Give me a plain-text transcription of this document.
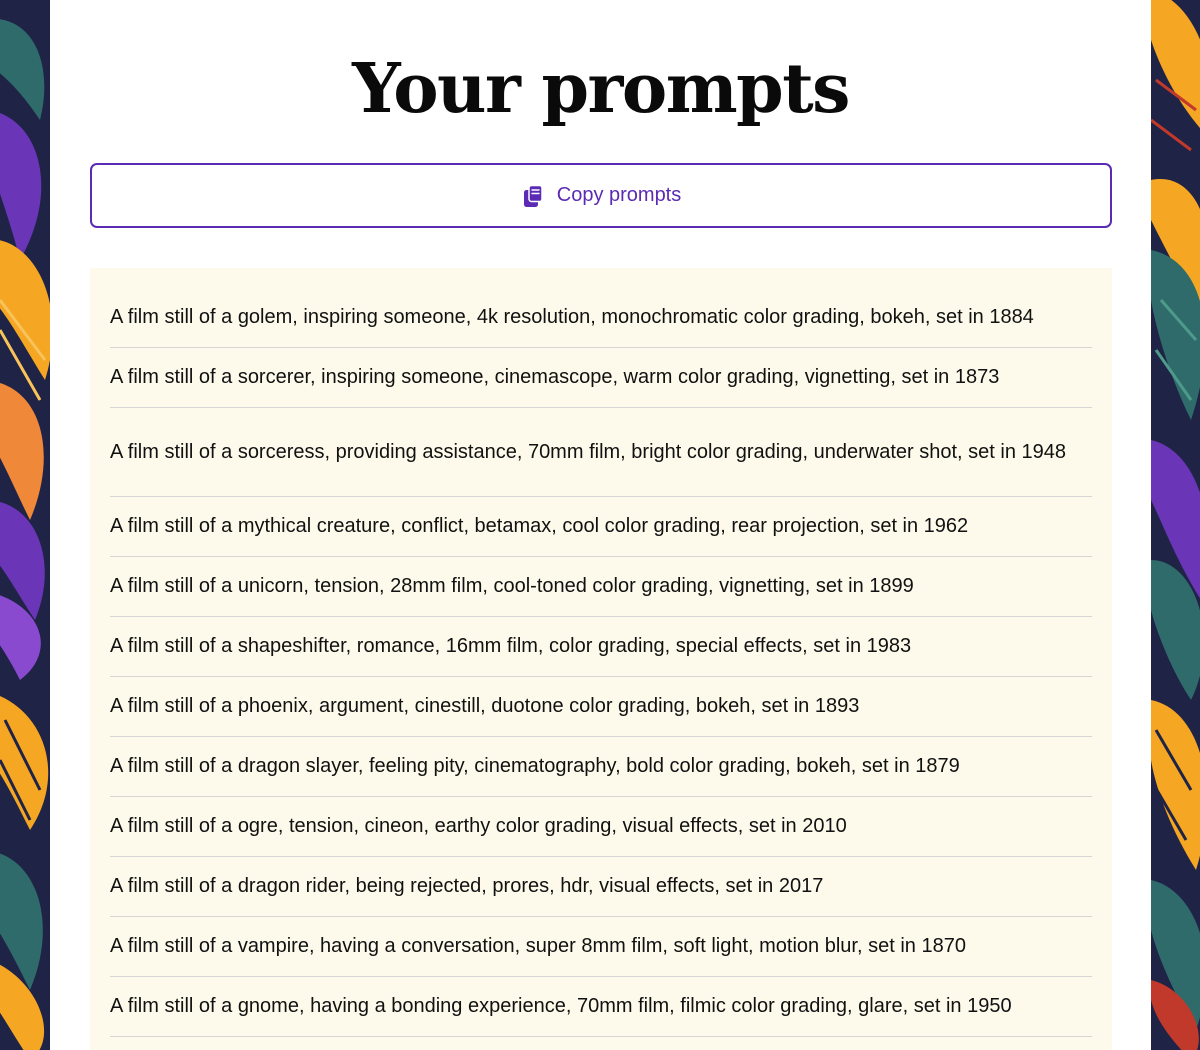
Your prompts
Copy prompts
A film still of a golem, inspiring someone, 4k resolution, monochromatic color grading, bokeh, set in 1884
A film still of a sorcerer, inspiring someone, cinemascope, warm color grading, vignetting, set in 1873
A film still of a sorceress, providing assistance, 70mm film, bright color grading, underwater shot, set in 1948
A film still of a mythical creature, conflict, betamax, cool color grading, rear projection, set in 1962
A film still of a unicorn, tension, 28mm film, cool-toned color grading, vignetting, set in 1899
A film still of a shapeshifter, romance, 16mm film, color grading, special effects, set in 1983
A film still of a phoenix, argument, cinestill, duotone color grading, bokeh, set in 1893
A film still of a dragon slayer, feeling pity, cinematography, bold color grading, bokeh, set in 1879
A film still of a ogre, tension, cineon, earthy color grading, visual effects, set in 2010
A film still of a dragon rider, being rejected, prores, hdr, visual effects, set in 2017
A film still of a vampire, having a conversation, super 8mm film, soft light, motion blur, set in 1870
A film still of a gnome, having a bonding experience, 70mm film, filmic color grading, glare, set in 1950
